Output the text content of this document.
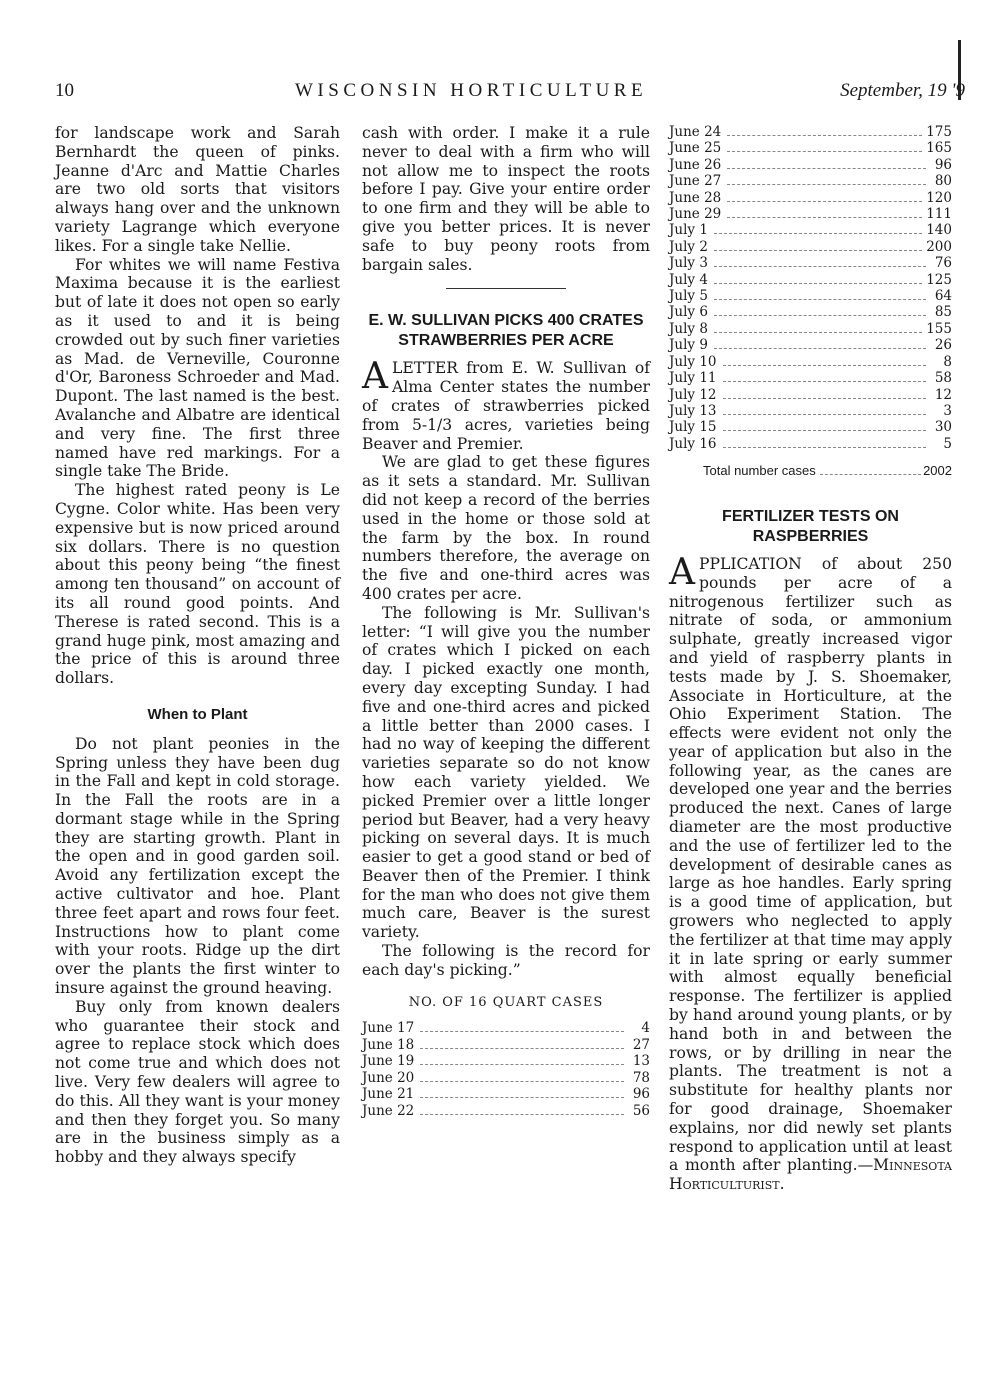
10	WISCONSIN HORTICULTURE	September, 19 '9

for landscape work and Sarah Bernhardt the queen of pinks. Jeanne d'Arc and Mattie Charles are two old sorts that visitors always hang over and the unknown variety Lagrange which everyone likes. For a single take Nellie.

For whites we will name Festiva Maxima because it is the earliest but of late it does not open so early as it used to and it is being crowded out by such finer varieties as Mad. de Verneville, Couronne d'Or, Baroness Schroeder and Mad. Dupont. The last named is the best. Avalanche and Albatre are identical and very fine. The first three named have red markings. For a single take The Bride.

The highest rated peony is Le Cygne. Color white. Has been very expensive but is now priced around six dollars. There is no question about this peony being “the finest among ten thousand” on account of its all round good points. And Therese is rated second. This is a grand huge pink, most amazing and the price of this is around three dollars.

When to Plant

Do not plant peonies in the Spring unless they have been dug in the Fall and kept in cold storage. In the Fall the roots are in a dormant stage while in the Spring they are starting growth. Plant in the open and in good garden soil. Avoid any fertilization except the active cultivator and hoe. Plant three feet apart and rows four feet. Instructions how to plant come with your roots. Ridge up the dirt over the plants the first winter to insure against the ground heaving.

Buy only from known dealers who guarantee their stock and agree to replace stock which does not come true and which does not live. Very few dealers will agree to do this. All they want is your money and then they forget you. So many are in the business simply as a hobby and they always specify

cash with order. I make it a rule never to deal with a firm who will not allow me to inspect the roots before I pay. Give your entire order to one firm and they will be able to give you better prices. It is never safe to buy peony roots from bargain sales.

E. W. SULLIVAN PICKS 400 CRATES STRAWBERRIES PER ACRE

ALETTER from E. W. Sullivan of Alma Center states the number of crates of strawberries picked from 5-1/3 acres, varieties being Beaver and Premier.

We are glad to get these figures as it sets a standard. Mr. Sullivan did not keep a record of the berries used in the home or those sold at the farm by the box. In round numbers therefore, the average on the five and one-third acres was 400 crates per acre.

The following is Mr. Sullivan's letter: “I will give you the number of crates which I picked on each day. I picked exactly one month, every day excepting Sunday. I had five and one-third acres and picked a little better than 2000 cases. I had no way of keeping the different varieties separate so do not know how each variety yielded. We picked Premier over a little longer period but Beaver, had a very heavy picking on several days. It is much easier to get a good stand or bed of Beaver then of the Premier. I think for the man who does not give them much care, Beaver is the surest variety.

The following is the record for each day's picking.”

NO. OF 16 QUART CASES
June 17	4
June 18	27
June 19	13
June 20	78
June 21	96
June 22	56
June 24	175
June 25	165
June 26	96
June 27	80
June 28	120
June 29	111
July 1	140
July 2	200
July 3	76
July 4	125
July 5	64
July 6	85
July 8	155
July 9	26
July 10	8
July 11	58
July 12	12
July 13	3
July 15	30
July 16	5
Total number cases	2002
FERTILIZER TESTS ON RASPBERRIES

APPLICATION of about 250 pounds per acre of a nitrogenous fertilizer such as nitrate of soda, or ammonium sulphate, greatly increased vigor and yield of raspberry plants in tests made by J. S. Shoemaker, Associate in Horticulture, at the Ohio Experiment Station. The effects were evident not only the year of application but also in the following year, as the canes are developed one year and the berries produced the next. Canes of large diameter are the most productive and the use of fertilizer led to the development of desirable canes as large as hoe handles. Early spring is a good time of application, but growers who neglected to apply the fertilizer at that time may apply it in late spring or early summer with almost equally beneficial response. The fertilizer is applied by hand around young plants, or by hand both in and between the rows, or by drilling in near the plants. The treatment is not a substitute for healthy plants nor for good drainage, Shoemaker explains, nor did newly set plants respond to application until at least a month after planting.—Minnesota Horticulturist.
